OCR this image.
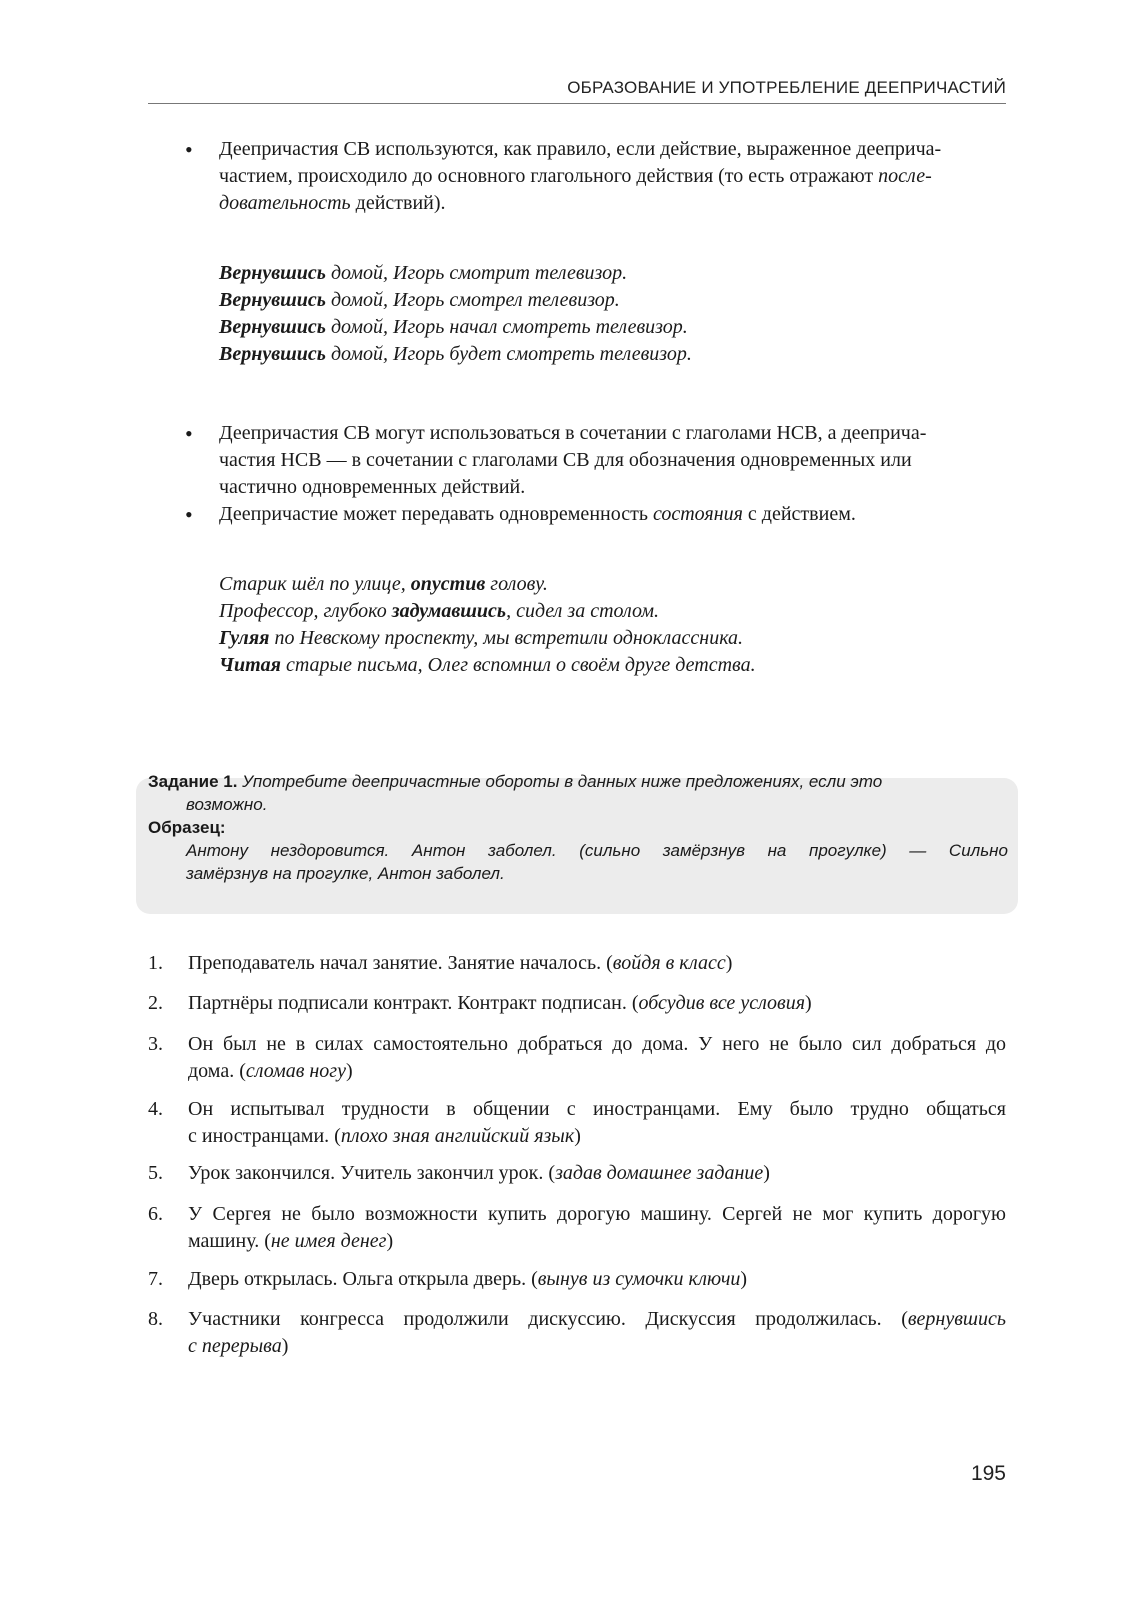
ОБРАЗОВАНИЕ И УПОТРЕБЛЕНИЕ ДЕЕПРИЧАСТИЙ
• Деепричастия СВ используются, как правило, если действие, выраженное дееприча-
частием, происходило до основного глагольного действия (то есть отражают после-
довательность действий).
Вернувшись домой, Игорь смотрит телевизор.
Вернувшись домой, Игорь смотрел телевизор.
Вернувшись домой, Игорь начал смотреть телевизор.
Вернувшись домой, Игорь будет смотреть телевизор.
• Деепричастия СВ могут использоваться в сочетании с глаголами НСВ, а дееприча-
частия НСВ — в сочетании с глаголами СВ для обозначения одновременных или
частично одновременных действий.
• Деепричастие может передавать одновременность состояния с действием.
Старик шёл по улице, опустив голову.
Профессор, глубоко задумавшись, сидел за столом.
Гуляя по Невскому проспекту, мы встретили одноклассника.
Читая старые письма, Олег вспомнил о своём друге детства.
Задание 1. Употребите деепричастные обороты в данных ниже предложениях, если это
возможно.
Образец:
Антону нездоровится. Антон заболел. (сильно замёрзнув на прогулке) — Сильно
замёрзнув на прогулке, Антон заболел.
1.	Преподаватель начал занятие. Занятие началось. (войдя в класс)
2.	Партнёры подписали контракт. Контракт подписан. (обсудив все условия)
3.	Он был не в силах самостоятельно добраться до дома. У него не было сил добраться до
дома. (сломав ногу)
4.	Он испытывал трудности в общении с иностранцами. Ему было трудно общаться
с иностранцами. (плохо зная английский язык)
5.	Урок закончился. Учитель закончил урок. (задав домашнее задание)
6.	У Сергея не было возможности купить дорогую машину. Сергей не мог купить дорогую
машину. (не имея денег)
7.	Дверь открылась. Ольга открыла дверь. (вынув из сумочки ключи)
8.	Участники конгресса продолжили дискуссию. Дискуссия продолжилась. (вернувшись
с перерыва)
195
